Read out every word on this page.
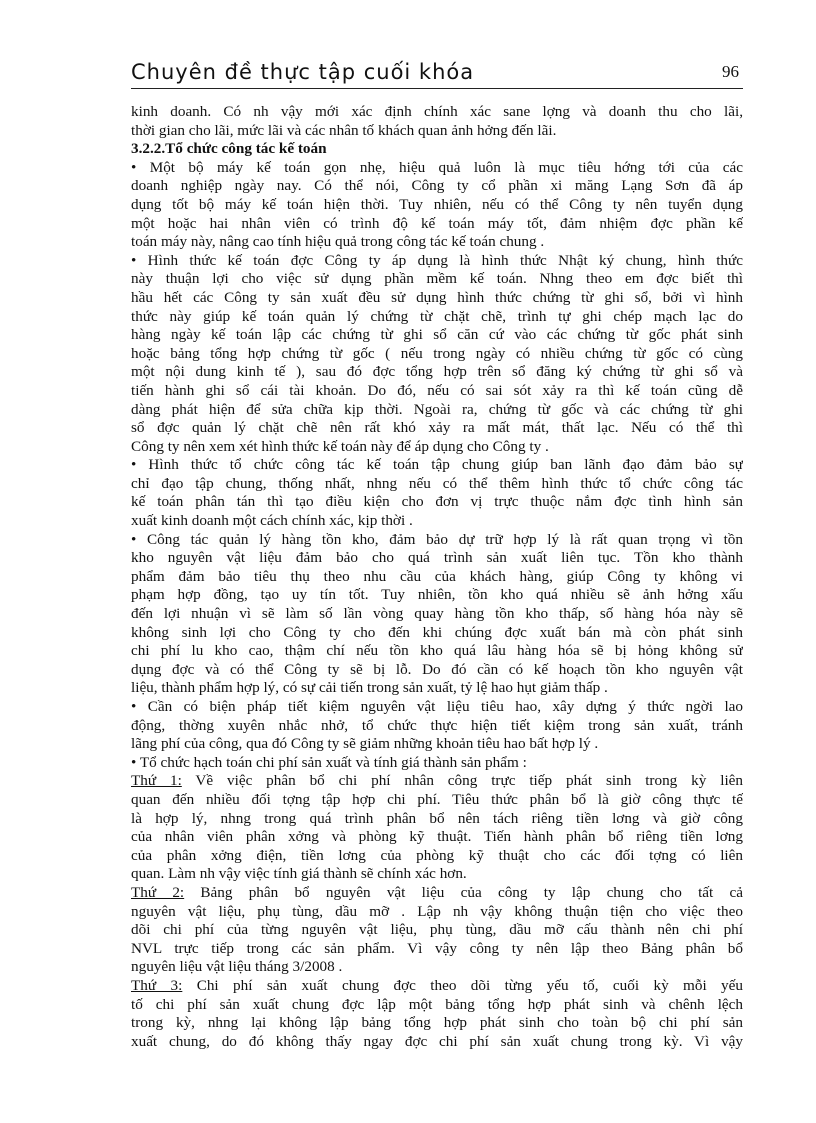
Chuyên đề thực tập cuối khóa	96
kinh doanh. Có nh vậy mới xác định chính xác sane lợng và doanh thu cho lãi,
thời gian cho lãi, mức lãi và các nhân tố khách quan ảnh hởng đến lãi.
3.2.2.Tổ chức công tác kế toán
• Một bộ máy kế toán gọn nhẹ, hiệu quả luôn là mục tiêu hớng tới của các
doanh nghiệp ngày nay. Có thể nói, Công ty cổ phần xi măng Lạng Sơn đã áp
dụng tốt bộ máy kế toán hiện thời. Tuy nhiên, nếu có thể Công ty nên tuyển dụng
một hoặc hai nhân viên có trình độ kế toán máy tốt, đảm nhiệm đợc phần kế
toán máy này, nâng cao tính hiệu quả trong công tác kế toán chung .
• Hình thức kế toán đợc Công ty áp dụng là hình thức Nhật ký chung, hình thức
này thuận lợi cho việc sử dụng phần mềm kế toán. Nhng theo em đợc biết thì
hầu hết các Công ty sản xuất đều sử dụng hình thức chứng từ ghi sổ, bởi vì hình
thức này giúp kế toán quản lý chứng từ chặt chẽ, trình tự ghi chép mạch lạc do
hàng ngày kế toán lập các chứng từ ghi sổ căn cứ vào các chứng từ gốc phát sinh
hoặc bảng tổng hợp chứng từ gốc ( nếu trong ngày có nhiều chứng từ gốc có cùng
một nội dung kinh tế ), sau đó đợc tổng hợp trên sổ đăng ký chứng từ ghi sổ và
tiến hành ghi sổ cái tài khoản. Do đó, nếu có sai sót xảy ra thì kế toán cũng dễ
dàng phát hiện để sửa chữa kịp thời. Ngoài ra, chứng từ gốc và các chứng từ ghi
sổ đợc quản lý chặt chẽ nên rất khó xảy ra mất mát, thất lạc. Nếu có thể thì
Công ty nên xem xét hình thức kế toán này để áp dụng cho Công ty .
• Hình thức tổ chức công tác kế toán tập chung giúp ban lãnh đạo đảm bảo sự
chỉ đạo tập chung, thống nhất, nhng nếu có thể thêm hình thức tổ chức công tác
kế toán phân tán thì tạo điều kiện cho đơn vị trực thuộc nắm đợc tình hình sản
xuất kinh doanh một cách chính xác, kịp thời .
• Công tác quản lý hàng tồn kho, đảm bảo dự trữ hợp lý là rất quan trọng vì tồn
kho nguyên vật liệu đảm bảo cho quá trình sản xuất liên tục. Tồn kho thành
phẩm đảm bảo tiêu thụ theo nhu cầu của khách hàng, giúp Công ty không vi
phạm hợp đồng, tạo uy tín tốt. Tuy nhiên, tồn kho quá nhiều sẽ ảnh hởng xấu
đến lợi nhuận vì sẽ làm số lần vòng quay hàng tồn kho thấp, số hàng hóa này sẽ
không sinh lợi cho Công ty cho đến khi chúng đợc xuất bán mà còn phát sinh
chi phí lu kho cao, thậm chí nếu tồn kho quá lâu hàng hóa sẽ bị hỏng không sử
dụng đợc và có thể Công ty sẽ bị lỗ. Do đó cần có kế hoạch tồn kho nguyên vật
liệu, thành phẩm hợp lý, có sự cải tiến trong sản xuất, tỷ lệ hao hụt giảm thấp .
• Cần có biện pháp tiết kiệm nguyên vật liệu tiêu hao, xây dựng ý thức ngời lao
động, thờng xuyên nhắc nhở, tổ chức thực hiện tiết kiệm trong sản xuất, tránh
lãng phí của công, qua đó Công ty sẽ giảm những khoản tiêu hao bất hợp lý .
• Tổ chức hạch toán chi phí sản xuất và tính giá thành sản phẩm :
Thứ 1: Về việc phân bổ chi phí nhân công trực tiếp phát sinh trong kỳ liên
quan đến nhiều đối tợng tập hợp chi phí. Tiêu thức phân bổ là giờ công thực tế
là hợp lý, nhng trong quá trình phân bổ nên tách riêng tiền lơng và giờ công
của nhân viên phân xởng và phòng kỹ thuật. Tiến hành phân bổ riêng tiền lơng
của phân xởng điện, tiền lơng của phòng kỹ thuật cho các đối tợng có liên
quan. Làm nh vậy việc tính giá thành sẽ chính xác hơn.
Thứ 2: Bảng phân bổ nguyên vật liệu của công ty lập chung cho tất cả
nguyên vật liệu, phụ tùng, dầu mỡ . Lập nh vậy không thuận tiện cho việc theo
dõi chi phí của từng nguyên vật liệu, phụ tùng, dầu mỡ cấu thành nên chi phí
NVL trực tiếp trong các sản phẩm. Vì vậy công ty nên lập theo Bảng phân bổ
nguyên liệu vật liệu tháng 3/2008 .
Thứ 3: Chi phí sản xuất chung đợc theo dõi từng yếu tố, cuối kỳ mỗi yếu
tố chi phí sản xuất chung đợc lập một bảng tổng hợp phát sinh và chênh lệch
trong kỳ, nhng lại không lập bảng tổng hợp phát sinh cho toàn bộ chi phí sản
xuất chung, do đó không thấy ngay đợc chi phí sản xuất chung trong kỳ. Vì vậy
